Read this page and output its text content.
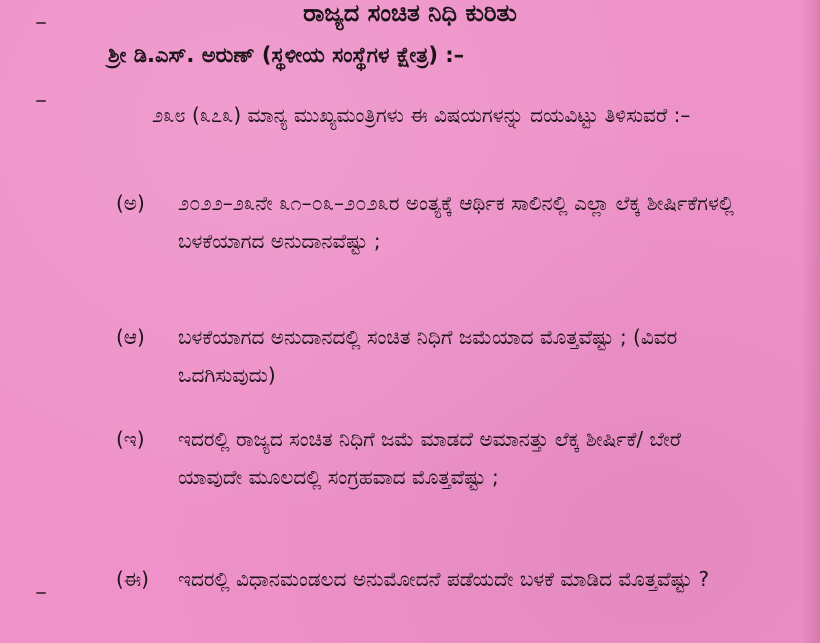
ರಾಜ್ಯದ ಸಂಚಿತ ನಿಧಿ ಕುರಿತು
ಶ್ರೀ ಡಿ.ಎಸ್. ಅರುಣ್ (ಸ್ಥಳೀಯ ಸಂಸ್ಥೆಗಳ ಕ್ಷೇತ್ರ) :–
೨೩೮ (೩೭೩) ಮಾನ್ಯ ಮುಖ್ಯಮಂತ್ರಿಗಳು ಈ ವಿಷಯಗಳನ್ನು ದಯವಿಟ್ಟು ತಿಳಿಸುವರೆ :–
(ಅ)	೨೦೨೨–೨೩ನೇ ೩೧–೦೩–೨೦೨೩ರ ಅಂತ್ಯಕ್ಕೆ ಆರ್ಥಿಕ ಸಾಲಿನಲ್ಲಿ ಎಲ್ಲಾ ಲೆಕ್ಕ ಶೀರ್ಷಿಕೆಗಳಲ್ಲಿ ಬಳಕೆಯಾಗದ ಅನುದಾನವೆಷ್ಟು ;
(ಆ)	ಬಳಕೆಯಾಗದ ಅನುದಾನದಲ್ಲಿ ಸಂಚಿತ ನಿಧಿಗೆ ಜಮೆಯಾದ ಮೊತ್ತವೆಷ್ಟು ; (ವಿವರ ಒದಗಿಸುವುದು)
(ಇ)	ಇದರಲ್ಲಿ ರಾಜ್ಯದ ಸಂಚಿತ ನಿಧಿಗೆ ಜಮೆ ಮಾಡದೆ ಅಮಾನತ್ತು ಲೆಕ್ಕ ಶೀರ್ಷಿಕೆ/ ಬೇರೆ ಯಾವುದೇ ಮೂಲದಲ್ಲಿ ಸಂಗ್ರಹವಾದ ಮೊತ್ತವೆಷ್ಟು ;
(ಈ)	ಇದರಲ್ಲಿ ವಿಧಾನಮಂಡಲದ ಅನುಮೋದನೆ ಪಡೆಯದೇ ಬಳಕೆ ಮಾಡಿದ ಮೊತ್ತವೆಷ್ಟು ?
